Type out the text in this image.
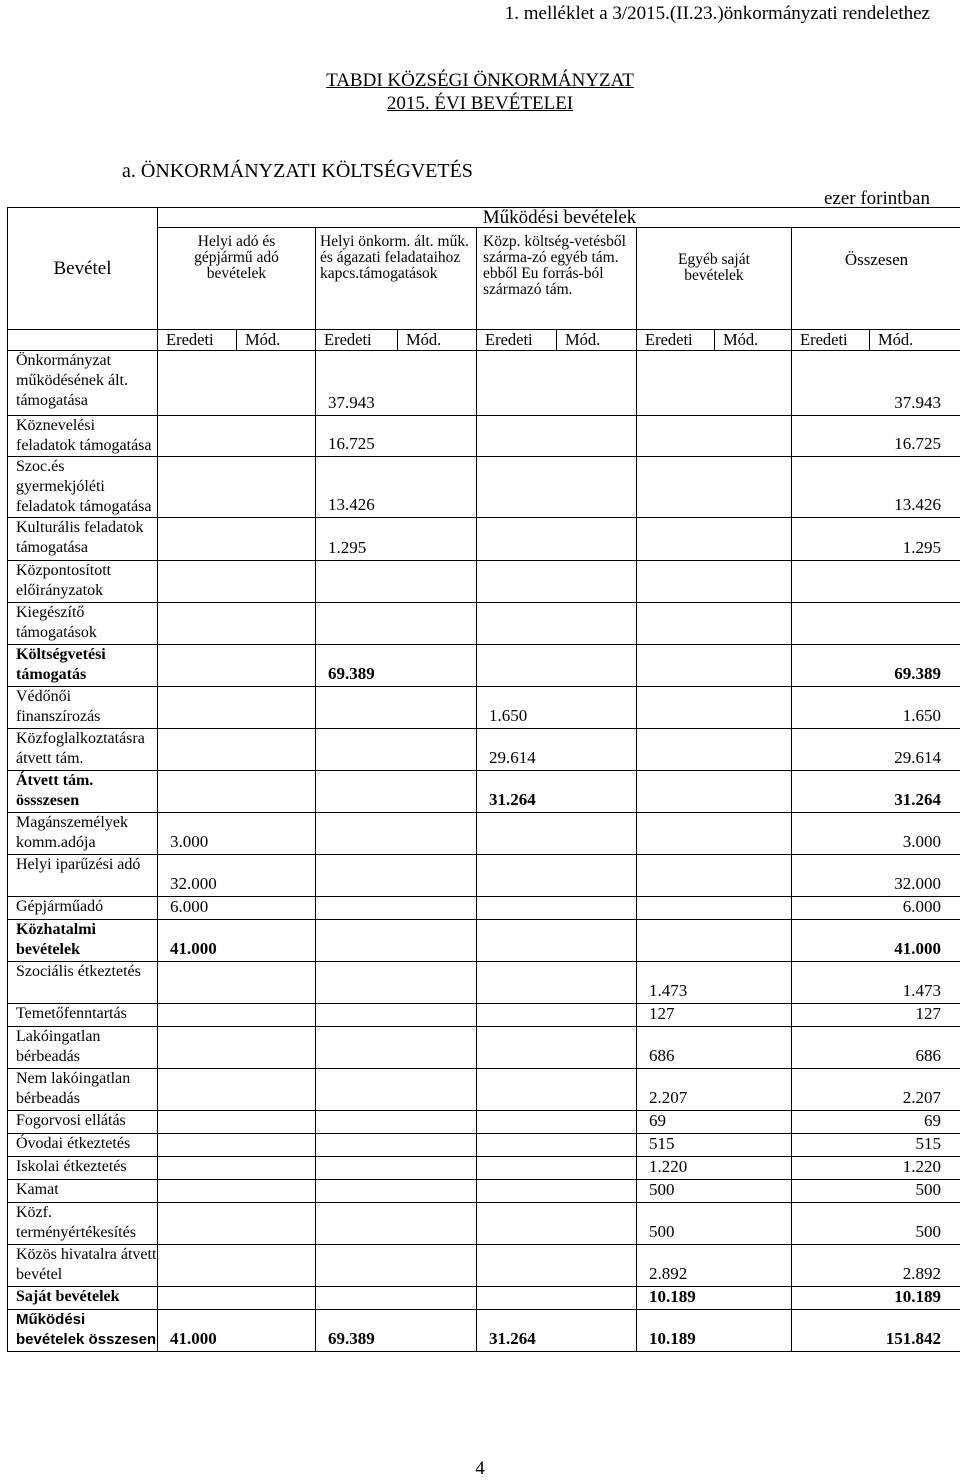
1. melléklet a 3/2015.(II.23.)önkormányzati rendelethez
TABDI KÖZSÉGI ÖNKORMÁNYZAT
2015. ÉVI BEVÉTELEI
a. ÖNKORMÁNYZATI KÖLTSÉGVETÉS
ezer forintban
Bevétel	Működési bevételek									
	Helyi adó és gépjármű adó bevételek		Helyi önkorm. ált. műk. és ágazati feladataihoz kapcs.támogatások		Közp. költség-vetésből szárma-zó egyéb tám. ebből Eu forrás-ból származó tám.		Egyéb saját bevételek		Összesen	
	Eredeti	Mód.	Eredeti	Mód.	Eredeti	Mód.	Eredeti	Mód.	Eredeti	Mód.
Önkormányzat működésének ált. támogatása			37.943						37.943	
Köznevelési feladatok támogatása			16.725						16.725	
Szoc.és gyermekjóléti feladatok támogatása			13.426						13.426	
Kulturális feladatok támogatása			1.295						1.295	
Központosított előirányzatok										
Kiegészítő támogatások										
Költségvetési támogatás			69.389						69.389	
Védőnői finanszírozás					1.650				1.650	
Közfoglalkoztatásra átvett tám.					29.614				29.614	
Átvett tám. össszesen					31.264				31.264	
Magánszemélyek komm.adója	3.000								3.000	
Helyi iparűzési adó	32.000								32.000	
Gépjárműadó	6.000								6.000	
Közhatalmi bevételek	41.000								41.000	
Szociális étkeztetés							1.473		1.473	
Temetőfenntartás							127		127	
Lakóingatlan bérbeadás							686		686	
Nem lakóingatlan bérbeadás							2.207		2.207	
Fogorvosi ellátás							69		69	
Óvodai étkeztetés							515		515	
Iskolai étkeztetés							1.220		1.220	
Kamat							500		500	
Közf. terményértékesítés							500		500	
Közös hivatalra átvett bevétel							2.892		2.892	
Saját bevételek							10.189		10.189	
Működési bevételek összesen	41.000		69.389		31.264		10.189		151.842	
4
